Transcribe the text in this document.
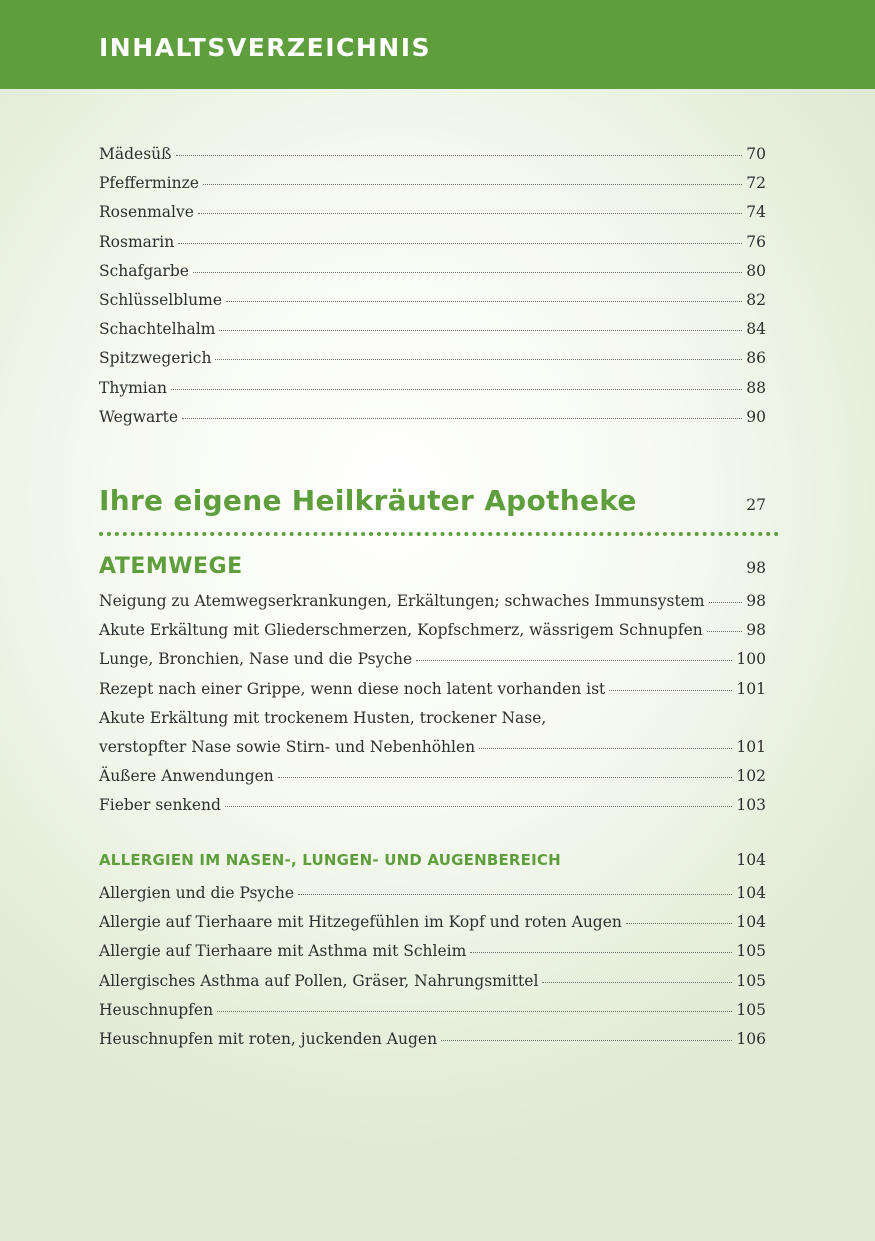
INHALTSVERZEICHNIS
Mädesüß	70
Pfefferminze	72
Rosenmalve	74
Rosmarin	76
Schafgarbe	80
Schlüsselblume	82
Schachtelhalm	84
Spitzwegerich	86
Thymian	88
Wegwarte	90
Ihre eigene Heilkräuter Apotheke	27
ATEMWEGE	98
Neigung zu Atemwegserkrankungen, Erkältungen; schwaches Immunsystem	98
Akute Erkältung mit Gliederschmerzen, Kopfschmerz, wässrigem Schnupfen	98
Lunge, Bronchien, Nase und die Psyche	100
Rezept nach einer Grippe, wenn diese noch latent vorhanden ist	101
Akute Erkältung mit trockenem Husten, trockener Nase,
verstopfter Nase sowie Stirn- und Nebenhöhlen	101
Äußere Anwendungen	102
Fieber senkend	103
ALLERGIEN IM NASEN-, LUNGEN- UND AUGENBEREICH	104
Allergien und die Psyche	104
Allergie auf Tierhaare mit Hitzegefühlen im Kopf und roten Augen	104
Allergie auf Tierhaare mit Asthma mit Schleim	105
Allergisches Asthma auf Pollen, Gräser, Nahrungsmittel	105
Heuschnupfen	105
Heuschnupfen mit roten, juckenden Augen	106
